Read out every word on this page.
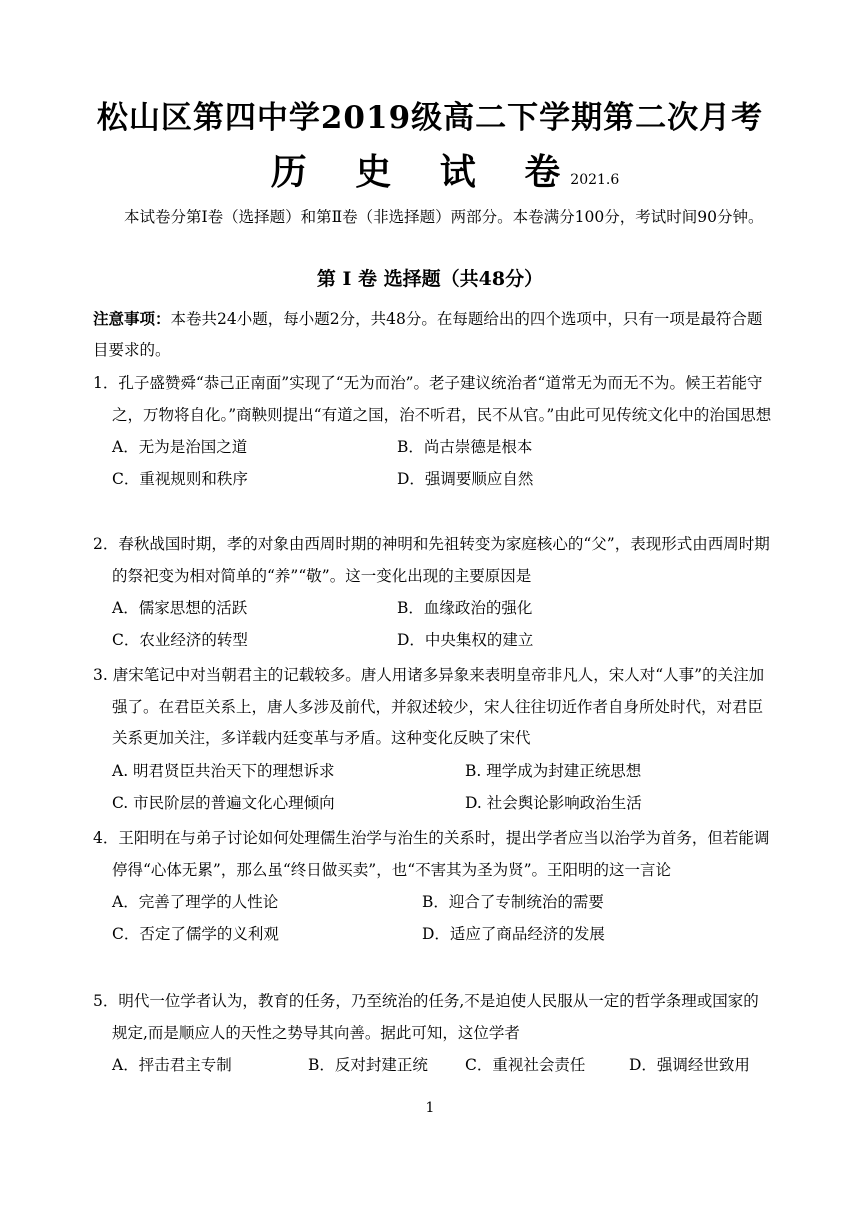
松山区第四中学2019级高二下学期第二次月考
历 史 试 卷2021.6

本试卷分第Ⅰ卷（选择题）和第Ⅱ卷（非选择题）两部分。本卷满分100分，考试时间90分钟。

第 Ⅰ 卷 选择题（共48分）

注意事项：本卷共24小题，每小题2分，共48分。在每题给出的四个选项中，只有一项是最符合题目要求的。

1．孔子盛赞舜“恭己正南面”实现了“无为而治”。老子建议统治者“道常无为而无不为。候王若能守之，万物将自化。”商鞅则提出“有道之国，治不听君，民不从官。”由此可见传统文化中的治国思想

A．无为是治国之道	B．尚古崇德是根本
C．重视规则和秩序	D．强调要顺应自然

2．春秋战国时期，孝的对象由西周时期的神明和先祖转变为家庭核心的“父”，表现形式由西周时期的祭祀变为相对简单的“养”“敬”。这一变化出现的主要原因是

A．儒家思想的活跃	B．血缘政治的强化
C．农业经济的转型	D．中央集权的建立

3. 唐宋笔记中对当朝君主的记载较多。唐人用诸多异象来表明皇帝非凡人，宋人对“人事”的关注加强了。在君臣关系上，唐人多涉及前代，并叙述较少，宋人往往切近作者自身所处时代，对君臣关系更加关注，多详载内廷变革与矛盾。这种变化反映了宋代

A. 明君贤臣共治天下的理想诉求	B. 理学成为封建正统思想
C. 市民阶层的普遍文化心理倾向	D. 社会舆论影响政治生活

4．王阳明在与弟子讨论如何处理儒生治学与治生的关系时，提出学者应当以治学为首务，但若能调停得“心体无累”，那么虽“终日做买卖”，也“不害其为圣为贤”。王阳明的这一言论

A．完善了理学的人性论	B．迎合了专制统治的需要
C．否定了儒学的义利观	D．适应了商品经济的发展

5．明代一位学者认为，教育的任务，乃至统治的任务,不是迫使人民服从一定的哲学条理或国家的规定,而是顺应人的天性之势导其向善。据此可知，这位学者

A．抨击君主专制	B．反对封建正统 C．重视社会责任	D．强调经世致用
1
